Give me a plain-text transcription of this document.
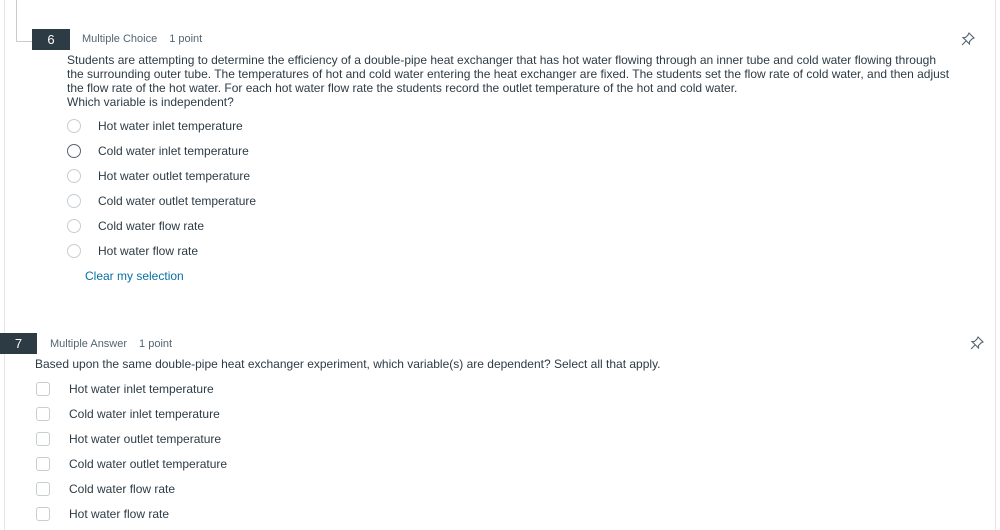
6	Multiple Choice 1 point

Students are attempting to determine the efficiency of a double-pipe heat exchanger that has hot water flowing through an inner tube and cold water flowing through

the surrounding outer tube. The temperatures of hot and cold water entering the heat exchanger are fixed. The students set the flow rate of cold water, and then adjust

the flow rate of the hot water. For each hot water flow rate the students record the outlet temperature of the hot and cold water.

Which variable is independent?

Hot water inlet temperature
Cold water inlet temperature
Hot water outlet temperature
Cold water outlet temperature
Cold water flow rate
Hot water flow rate
Clear my selection
7	Multiple Answer 1 point

Based upon the same double-pipe heat exchanger experiment, which variable(s) are dependent? Select all that apply.

Hot water inlet temperature
Cold water inlet temperature
Hot water outlet temperature
Cold water outlet temperature
Cold water flow rate
Hot water flow rate
